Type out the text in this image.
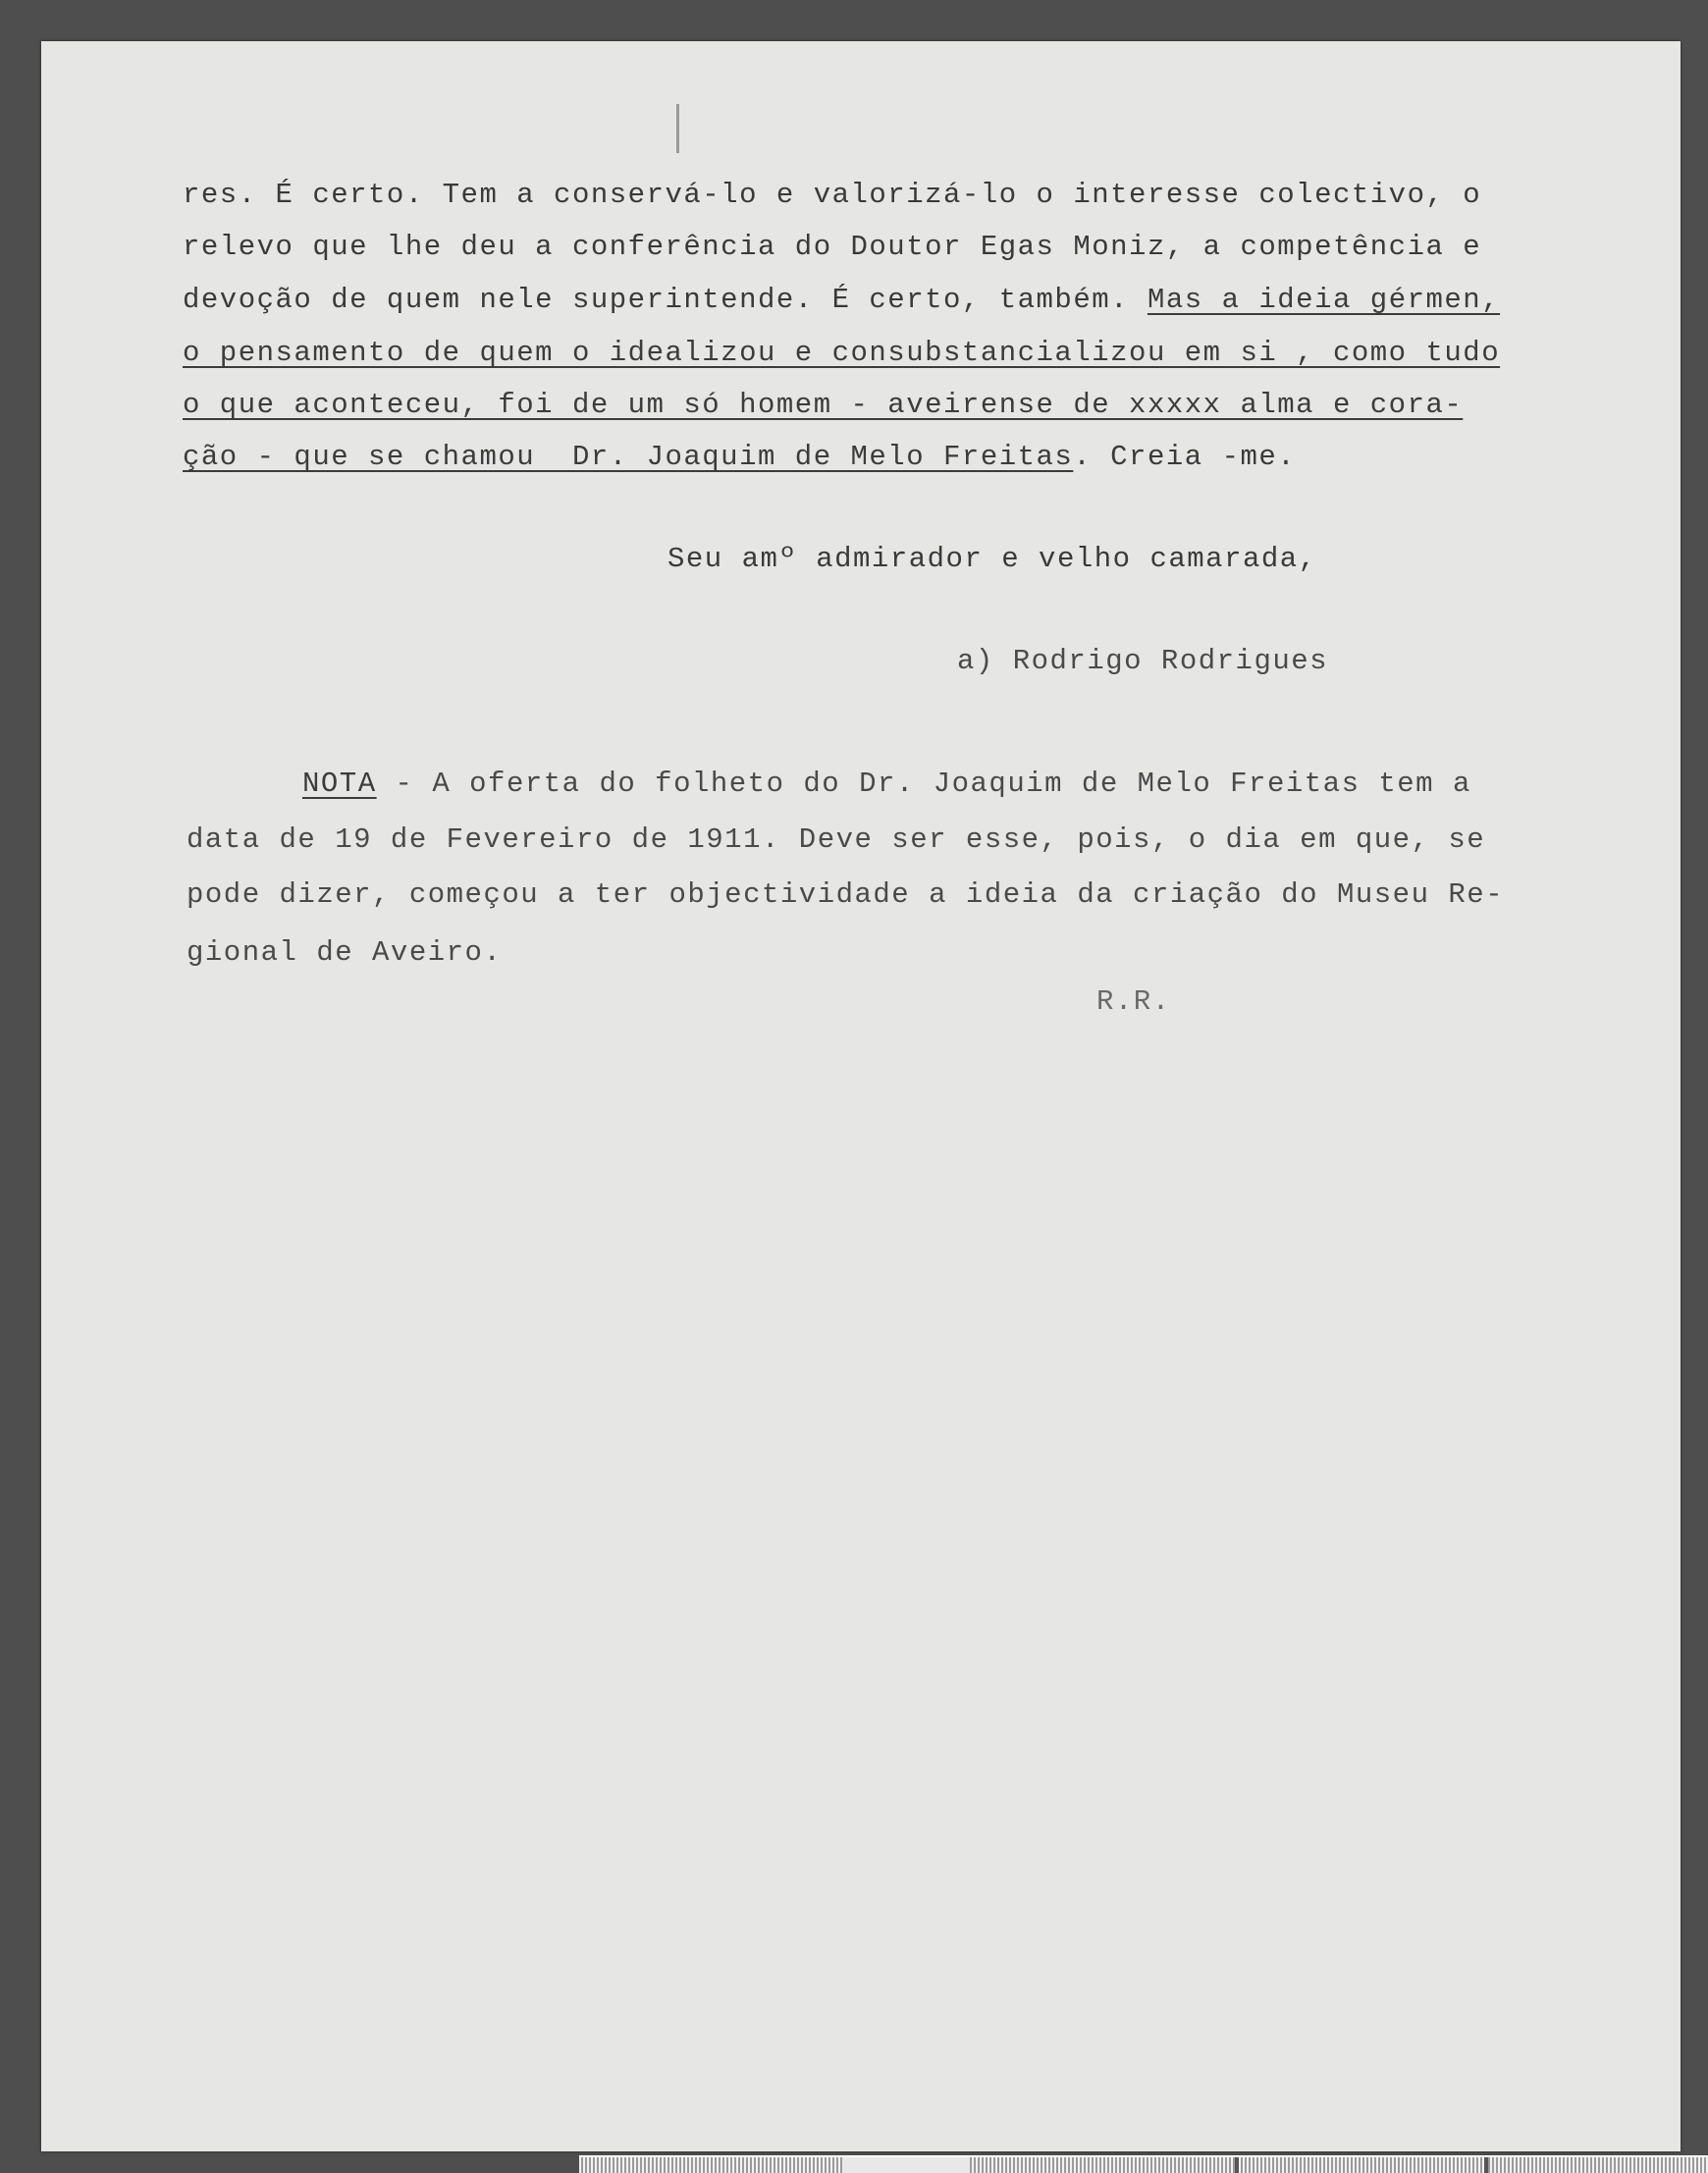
res. É certo. Tem a conservá-lo e valorizá-lo o interesse colectivo, o
relevo que lhe deu a conferência do Doutor Egas Moniz, a competência e
devoção de quem nele superintende. É certo, também. Mas a ideia gérmen,
o pensamento de quem o idealizou e consubstancializou em si , como tudo
o que aconteceu, foi de um só homem - aveirense de xxxxx alma e cora-
ção - que se chamou  Dr. Joaquim de Melo Freitas. Creia -me.
Seu amº admirador e velho camarada,
a) Rodrigo Rodrigues
NOTA - A oferta do folheto do Dr. Joaquim de Melo Freitas tem a
data de 19 de Fevereiro de 1911. Deve ser esse, pois, o dia em que, se
pode dizer, começou a ter objectividade a ideia da criação do Museu Re-
gional de Aveiro.
R.R.
